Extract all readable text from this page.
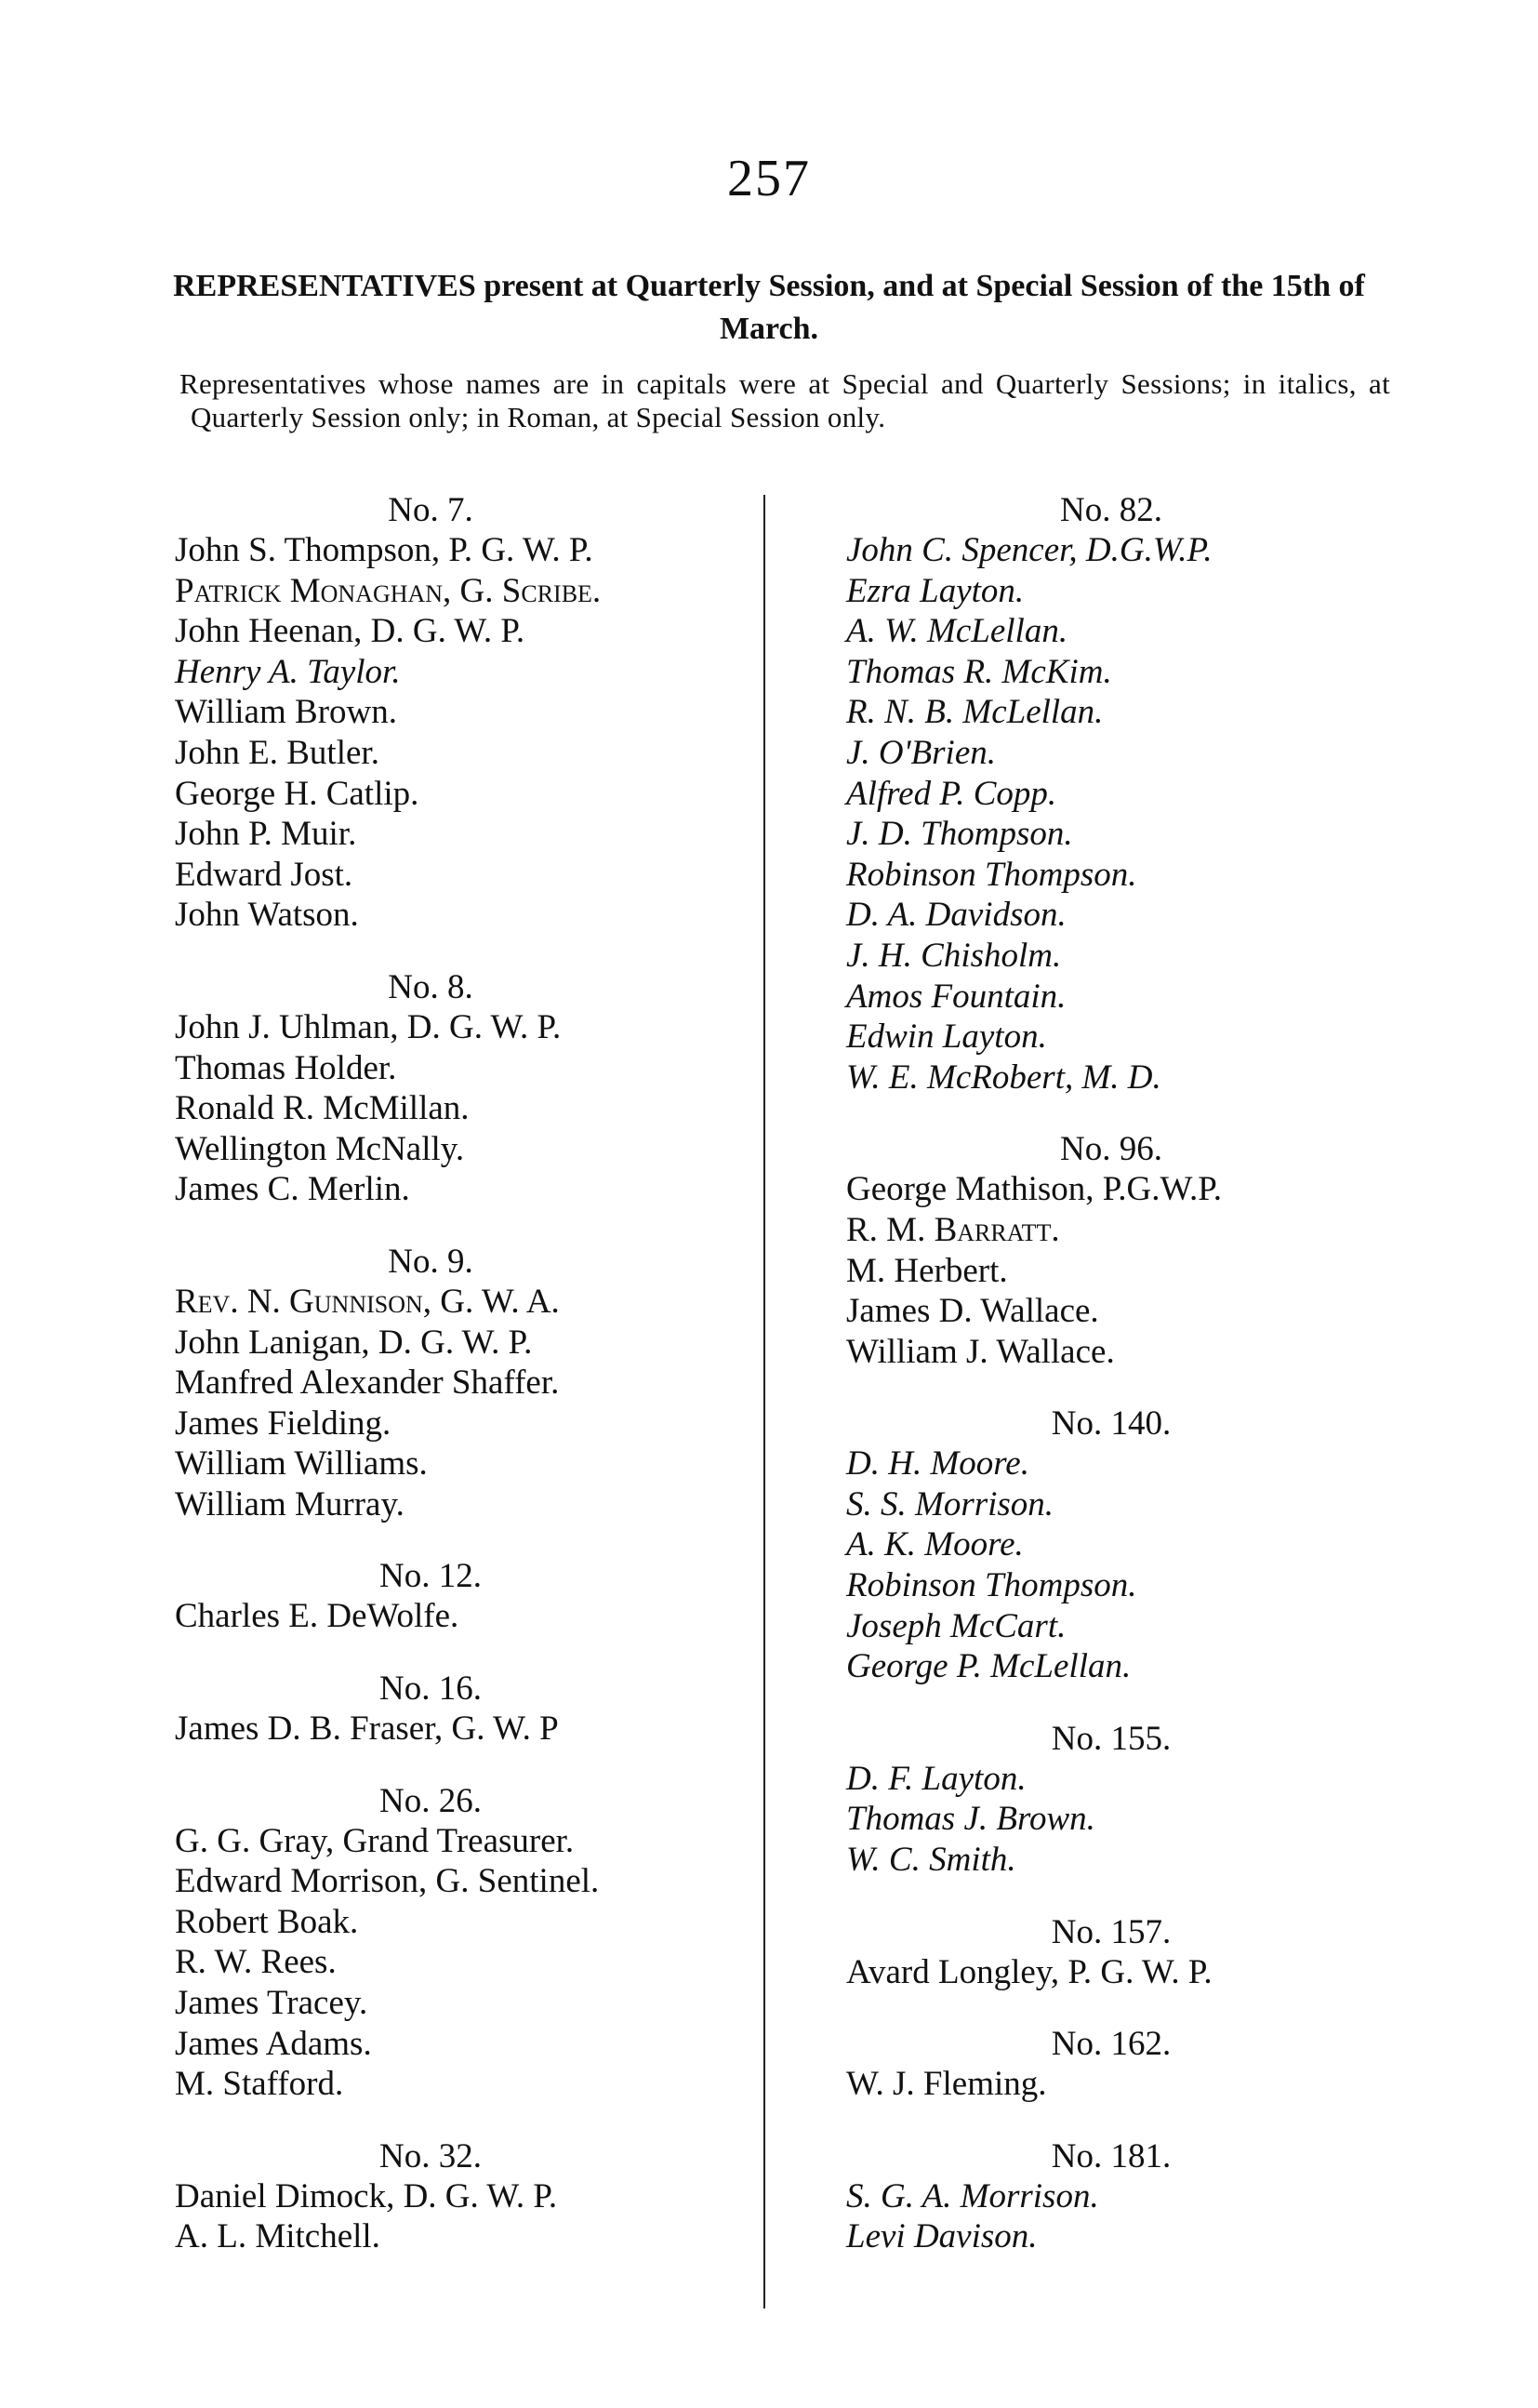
257
REPRESENTATIVES present at Quarterly Session, and at Special Session of the 15th of March.
Representatives whose names are in capitals were at Special and Quarterly Sessions; in italics, at Quarterly Session only; in Roman, at Special Session only.
No. 7.
John S. Thompson, P. G. W. P.
Patrick Monaghan, G. Scribe.
John Heenan, D. G. W. P.
Henry A. Taylor.
William Brown.
John E. Butler.
George H. Catlip.
John P. Muir.
Edward Jost.
John Watson.
No. 8.
John J. Uhlman, D. G. W. P.
Thomas Holder.
Ronald R. McMillan.
Wellington McNally.
James C. Merlin.
No. 9.
Rev. N. Gunnison, G. W. A.
John Lanigan, D. G. W. P.
Manfred Alexander Shaffer.
James Fielding.
William Williams.
William Murray.
No. 12.
Charles E. DeWolfe.
No. 16.
James D. B. Fraser, G. W. P
No. 26.
G. G. Gray, Grand Treasurer.
Edward Morrison, G. Sentinel.
Robert Boak.
R. W. Rees.
James Tracey.
James Adams.
M. Stafford.
No. 32.
Daniel Dimock, D. G. W. P.
A. L. Mitchell.
No. 82.
John C. Spencer, D.G.W.P.
Ezra Layton.
A. W. McLellan.
Thomas R. McKim.
R. N. B. McLellan.
J. O'Brien.
Alfred P. Copp.
J. D. Thompson.
Robinson Thompson.
D. A. Davidson.
J. H. Chisholm.
Amos Fountain.
Edwin Layton.
W. E. McRobert, M. D.
No. 96.
George Mathison, P.G.W.P.
R. M. Barratt.
M. Herbert.
James D. Wallace.
William J. Wallace.
No. 140.
D. H. Moore.
S. S. Morrison.
A. K. Moore.
Robinson Thompson.
Joseph McCart.
George P. McLellan.
No. 155.
D. F. Layton.
Thomas J. Brown.
W. C. Smith.
No. 157.
Avard Longley, P. G. W. P.
No. 162.
W. J. Fleming.
No. 181.
S. G. A. Morrison.
Levi Davison.
